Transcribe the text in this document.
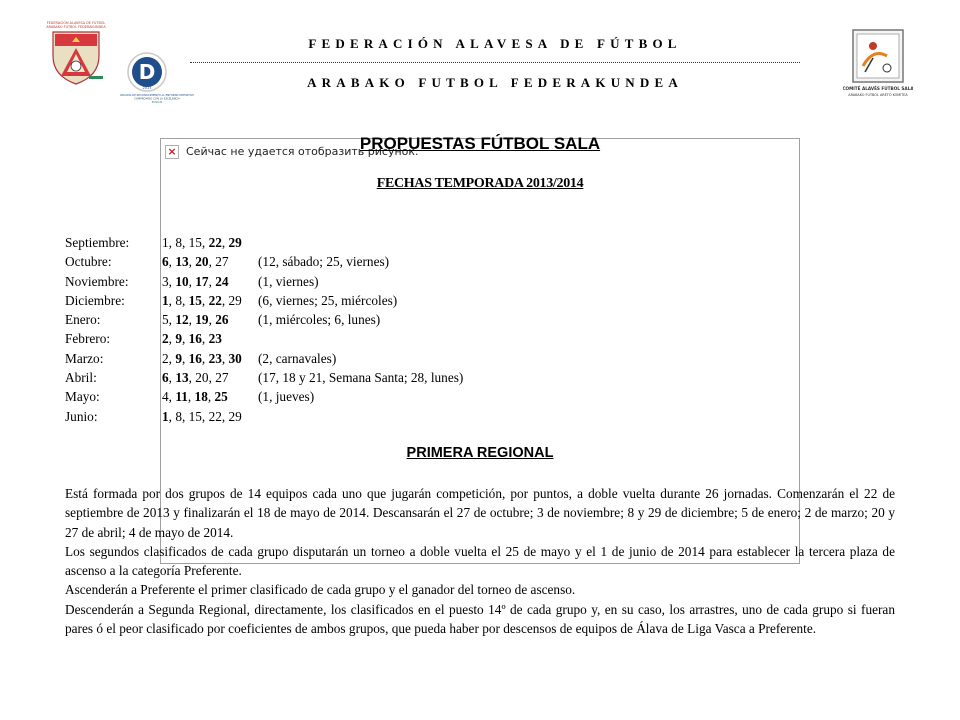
FEDERACIÓN ALAVESA DE FÚTBOL
ARABAKO FUTBOL FEDERAKUNDEA
FEDERACIÓN ALAVESA DE FÚTBOL
ARABAKO FUTBOL FEDERAKUNDEA
D
2013
DIPLOMA DE RECONOCIMIENTO AL ENTORNO DEPORTIVO
COMPROMISO CON LA EXCELENCIA
EUSKADI
COMITÉ ALAVÉS FÚTBOL SALA
ARABAKO FUTBOL ARETO KOMITEA
× Сейчас не удается отобразить рисунок.
PROPUESTAS FÚTBOL SALA
FECHAS TEMPORADA 2013/2014
Septiembre:	1, 8, 15, 22, 29
Octubre:	6, 13, 20, 27	(12, sábado; 25, viernes)
Noviembre:	3, 10, 17, 24	(1, viernes)
Diciembre:	1, 8, 15, 22, 29	(6, viernes; 25, miércoles)
Enero:	5, 12, 19, 26	(1, miércoles; 6, lunes)
Febrero:	2, 9, 16, 23
Marzo:	2, 9, 16, 23, 30	(2, carnavales)
Abril:	6, 13, 20, 27	(17, 18 y 21, Semana Santa; 28, lunes)
Mayo:	4, 11, 18, 25	(1, jueves)
Junio:	1, 8, 15, 22, 29
PRIMERA REGIONAL

Está formada por dos grupos de 14 equipos cada uno que jugarán competición, por puntos, a doble vuelta durante 26 jornadas. Comenzarán el 22 de septiembre de 2013 y finalizarán el 18 de mayo de 2014. Descansarán el 27 de octubre; 3 de noviembre; 8 y 29 de diciembre; 5 de enero; 2 de marzo; 20 y 27 de abril; 4 de mayo de 2014.

Los segundos clasificados de cada grupo disputarán un torneo a doble vuelta el 25 de mayo y el 1 de junio de 2014 para establecer la tercera plaza de ascenso a la categoría Preferente.

Ascenderán a Preferente el primer clasificado de cada grupo y el ganador del torneo de ascenso.

Descenderán a Segunda Regional, directamente, los clasificados en el puesto 14º de cada grupo y, en su caso, los arrastres, uno de cada grupo si fueran pares ó el peor clasificado por coeficientes de ambos grupos, que pueda haber por descensos de equipos de Álava de Liga Vasca a Preferente.
